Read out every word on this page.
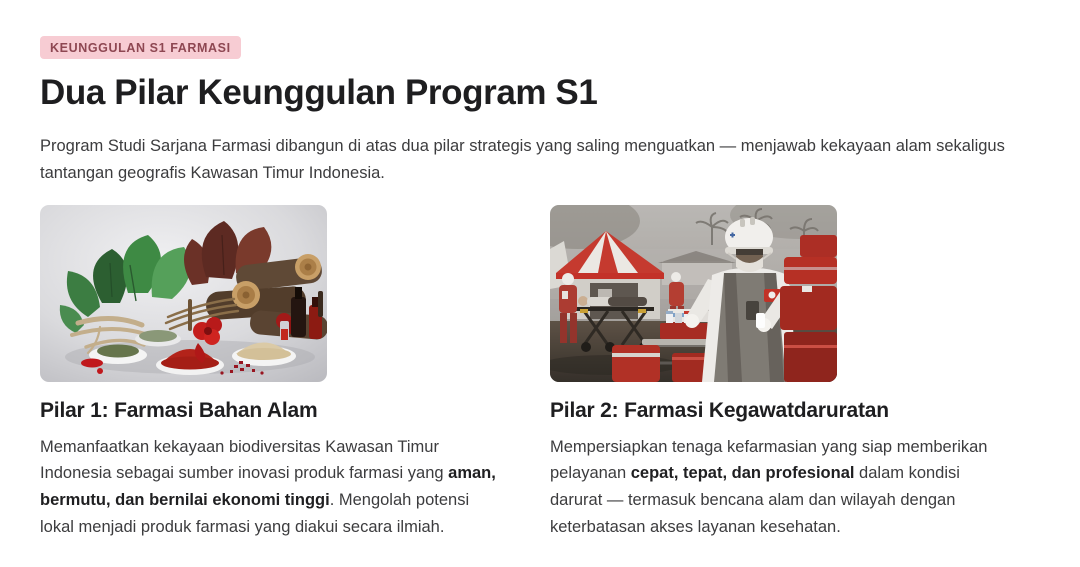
KEUNGGULAN S1 FARMASI
Dua Pilar Keunggulan Program S1

Program Studi Sarjana Farmasi dibangun di atas dua pilar strategis yang saling menguatkan — menjawab kekayaan alam sekaligus tantangan geografis Kawasan Timur Indonesia.

Pilar 1: Farmasi Bahan Alam

Memanfaatkan kekayaan biodiversitas Kawasan Timur Indonesia sebagai sumber inovasi produk farmasi yang aman, bermutu, dan bernilai ekonomi tinggi. Mengolah potensi lokal menjadi produk farmasi yang diakui secara ilmiah.

Pilar 2: Farmasi Kegawatdaruratan

Mempersiapkan tenaga kefarmasian yang siap memberikan pelayanan cepat, tepat, dan profesional dalam kondisi darurat — termasuk bencana alam dan wilayah dengan keterbatasan akses layanan kesehatan.
